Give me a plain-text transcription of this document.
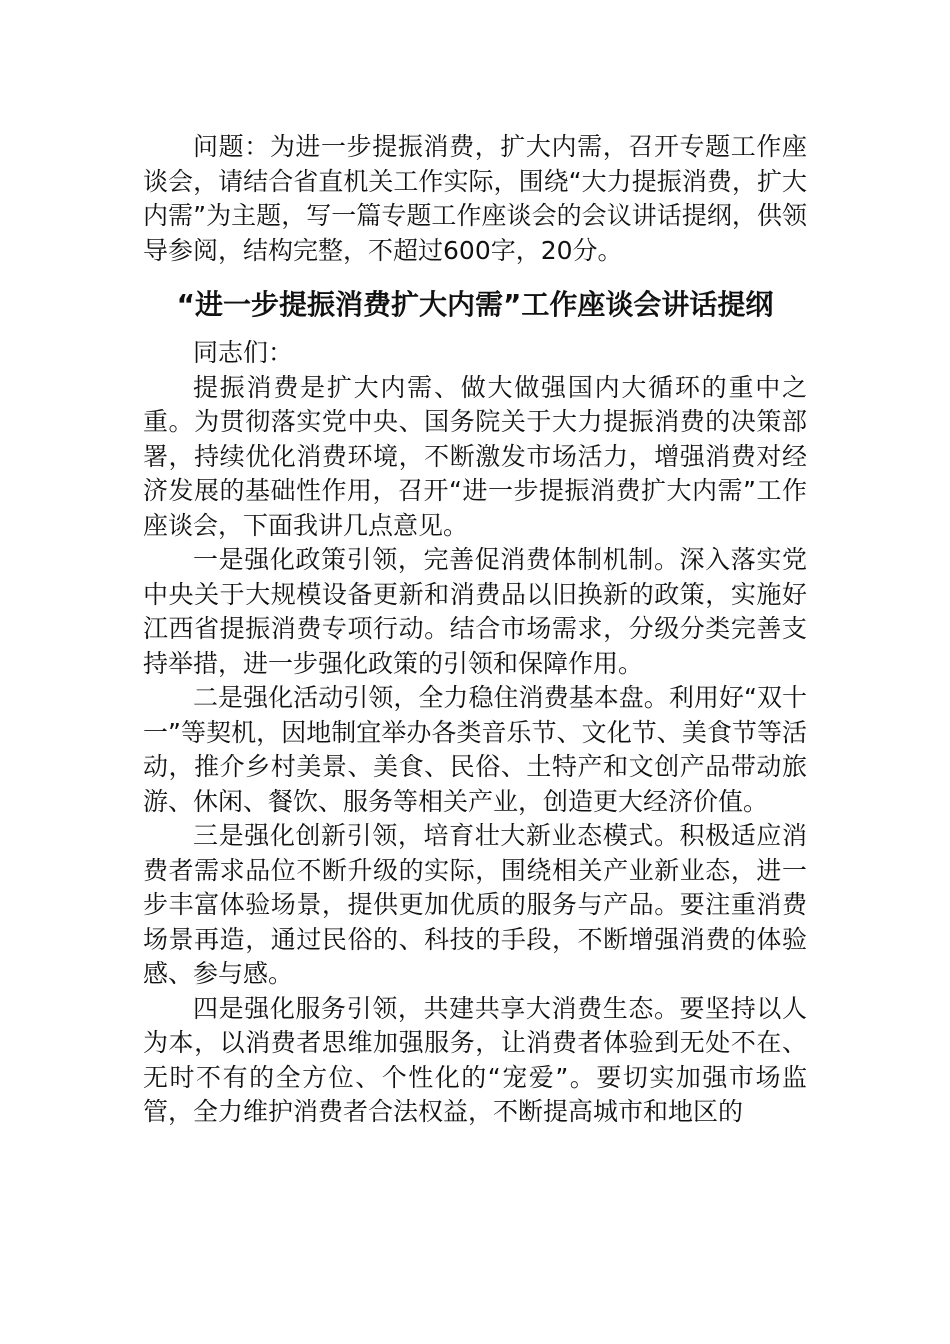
问题：为进一步提振消费，扩大内需，召开专题工作座谈会，请结合省直机关工作实际，围绕“大力提振消费，扩大内需”为主题，写一篇专题工作座谈会的会议讲话提纲，供领导参阅，结构完整，不超过600字，20分。

“进一步提振消费扩大内需”工作座谈会讲话提纲

同志们：

提振消费是扩大内需、做大做强国内大循环的重中之重。为贯彻落实党中央、国务院关于大力提振消费的决策部署，持续优化消费环境，不断激发市场活力，增强消费对经济发展的基础性作用，召开“进一步提振消费扩大内需”工作座谈会，下面我讲几点意见。

一是强化政策引领，完善促消费体制机制。深入落实党中央关于大规模设备更新和消费品以旧换新的政策，实施好江西省提振消费专项行动。结合市场需求，分级分类完善支持举措，进一步强化政策的引领和保障作用。

二是强化活动引领，全力稳住消费基本盘。利用好“双十一”等契机，因地制宜举办各类音乐节、文化节、美食节等活动，推介乡村美景、美食、民俗、土特产和文创产品带动旅游、休闲、餐饮、服务等相关产业，创造更大经济价值。

三是强化创新引领，培育壮大新业态模式。积极适应消费者需求品位不断升级的实际，围绕相关产业新业态，进一步丰富体验场景，提供更加优质的服务与产品。要注重消费场景再造，通过民俗的、科技的手段，不断增强消费的体验感、参与感。

四是强化服务引领，共建共享大消费生态。要坚持以人为本，以消费者思维加强服务，让消费者体验到无处不在、无时不有的全方位、个性化的“宠爱”。要切实加强市场监管，全力维护消费者合法权益，不断提高城市和地区的
